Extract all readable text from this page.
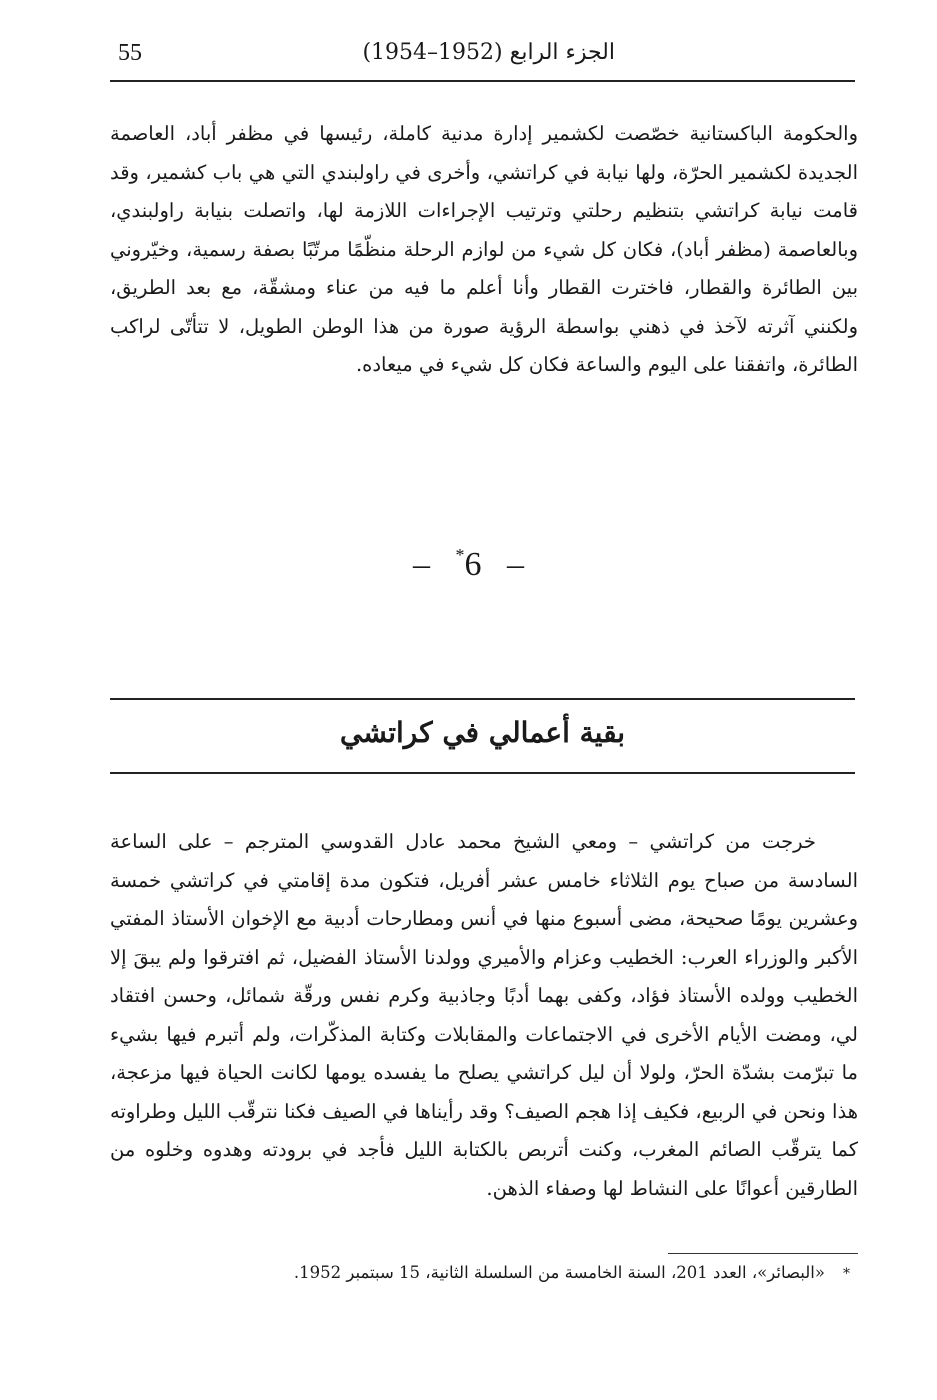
55	الجزء الرابع (1952–1954)

والحكومة الباكستانية خصّصت لكشمير إدارة مدنية كاملة، رئيسها في مظفر أباد، العاصمة الجديدة لكشمير الحرّة، ولها نيابة في كراتشي، وأخرى في راولبندي التي هي باب كشمير، وقد قامت نيابة كراتشي بتنظيم رحلتي وترتيب الإجراءات اللازمة لها، واتصلت بنيابة راولبندي، وبالعاصمة (مظفر أباد)، فكان كل شيء من لوازم الرحلة منظّمًا مرتّبًا بصفة رسمية، وخيّروني بين الطائرة والقطار، فاخترت القطار وأنا أعلم ما فيه من عناء ومشقّة، مع بعد الطريق، ولكنني آثرته لآخذ في ذهني بواسطة الرؤية صورة من هذا الوطن الطويل، لا تتأتّى لراكب الطائرة، واتفقنا على اليوم والساعة فكان كل شيء في ميعاده.

– *6 –
بقية أعمالي في كراتشي

خرجت من كراتشي – ومعي الشيخ محمد عادل القدوسي المترجم – على الساعة السادسة من صباح يوم الثلاثاء خامس عشر أفريل، فتكون مدة إقامتي في كراتشي خمسة وعشرين يومًا صحيحة، مضى أسبوع منها في أنس ومطارحات أدبية مع الإخوان الأستاذ المفتي الأكبر والوزراء العرب: الخطيب وعزام والأميري وولدنا الأستاذ الفضيل، ثم افترقوا ولم يبقَ إلا الخطيب وولده الأستاذ فؤاد، وكفى بهما أدبًا وجاذبية وكرم نفس ورقّة شمائل، وحسن افتقاد لي، ومضت الأيام الأخرى في الاجتماعات والمقابلات وكتابة المذكّرات، ولم أتبرم فيها بشيء ما تبرّمت بشدّة الحرّ، ولولا أن ليل كراتشي يصلح ما يفسده يومها لكانت الحياة فيها مزعجة، هذا ونحن في الربيع، فكيف إذا هجم الصيف؟ وقد رأيناها في الصيف فكنا نترقّب الليل وطراوته كما يترقّب الصائم المغرب، وكنت أتربص بالكتابة الليل فأجد في برودته وهدوه وخلوه من الطارقين أعوانًا على النشاط لها وصفاء الذهن.

*«البصائر»، العدد 201، السنة الخامسة من السلسلة الثانية، 15 سبتمبر 1952.
